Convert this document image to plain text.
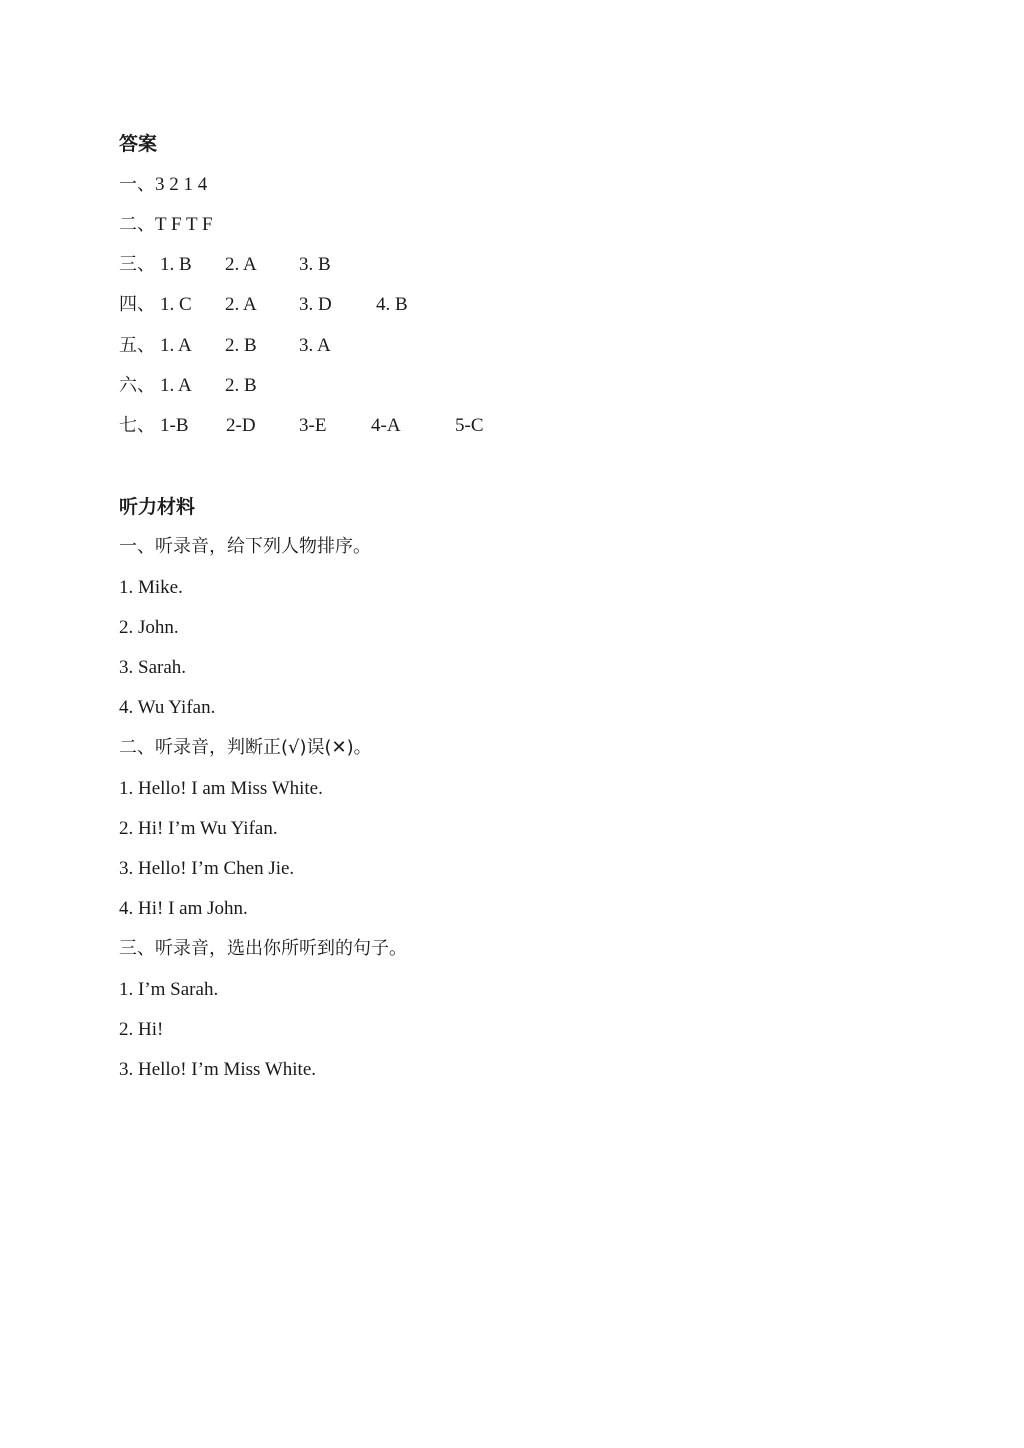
答案
一、3 2 1 4
二、T F T F
三、 1. B 2. A 3. B
四、 1. C 2. A 3. D 4. B
五、 1. A 2. B 3. A
六、 1. A 2. B
七、 1-B 2-D 3-E 4-A	5-C
听力材料
一、听录音，给下列人物排序。
1. Mike.
2. John.
3. Sarah.
4. Wu Yifan.
二、听录音，判断正(√)误(✕)。
1. Hello! I am Miss White.
2. Hi! I’m Wu Yifan.
3. Hello! I’m Chen Jie.
4. Hi! I am John.
三、听录音，选出你所听到的句子。
1. I’m Sarah.
2. Hi!
3. Hello! I’m Miss White.
